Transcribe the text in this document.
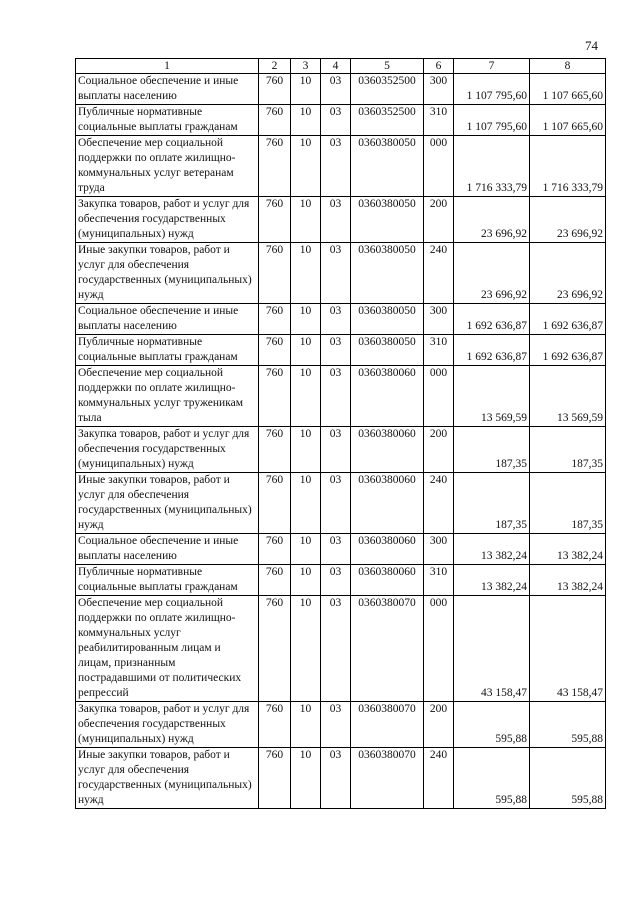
74
1	2	3	4	5	6	7	8
Социальное обеспечение и иные выплаты населению	760	10	03	0360352500	300	1 107 795,60	1 107 665,60
Публичные нормативные социальные выплаты гражданам	760	10	03	0360352500	310	1 107 795,60	1 107 665,60
Обеспечение мер социальной поддержки по оплате жилищно-коммунальных услуг ветеранам труда	760	10	03	0360380050	000	1 716 333,79	1 716 333,79
Закупка товаров, работ и услуг для обеспечения государственных (муниципальных) нужд	760	10	03	0360380050	200	23 696,92	23 696,92
Иные закупки товаров, работ и услуг для обеспечения государственных (муниципальных) нужд	760	10	03	0360380050	240	23 696,92	23 696,92
Социальное обеспечение и иные выплаты населению	760	10	03	0360380050	300	1 692 636,87	1 692 636,87
Публичные нормативные социальные выплаты гражданам	760	10	03	0360380050	310	1 692 636,87	1 692 636,87
Обеспечение мер социальной поддержки по оплате жилищно-коммунальных услуг труженикам тыла	760	10	03	0360380060	000	13 569,59	13 569,59
Закупка товаров, работ и услуг для обеспечения государственных (муниципальных) нужд	760	10	03	0360380060	200	187,35	187,35
Иные закупки товаров, работ и услуг для обеспечения государственных (муниципальных) нужд	760	10	03	0360380060	240	187,35	187,35
Социальное обеспечение и иные выплаты населению	760	10	03	0360380060	300	13 382,24	13 382,24
Публичные нормативные социальные выплаты гражданам	760	10	03	0360380060	310	13 382,24	13 382,24
Обеспечение мер социальной поддержки по оплате жилищно-коммунальных услуг реабилитированным лицам и лицам, признанным пострадавшими от политических репрессий	760	10	03	0360380070	000	43 158,47	43 158,47
Закупка товаров, работ и услуг для обеспечения государственных (муниципальных) нужд	760	10	03	0360380070	200	595,88	595,88
Иные закупки товаров, работ и услуг для обеспечения государственных (муниципальных) нужд	760	10	03	0360380070	240	595,88	595,88
